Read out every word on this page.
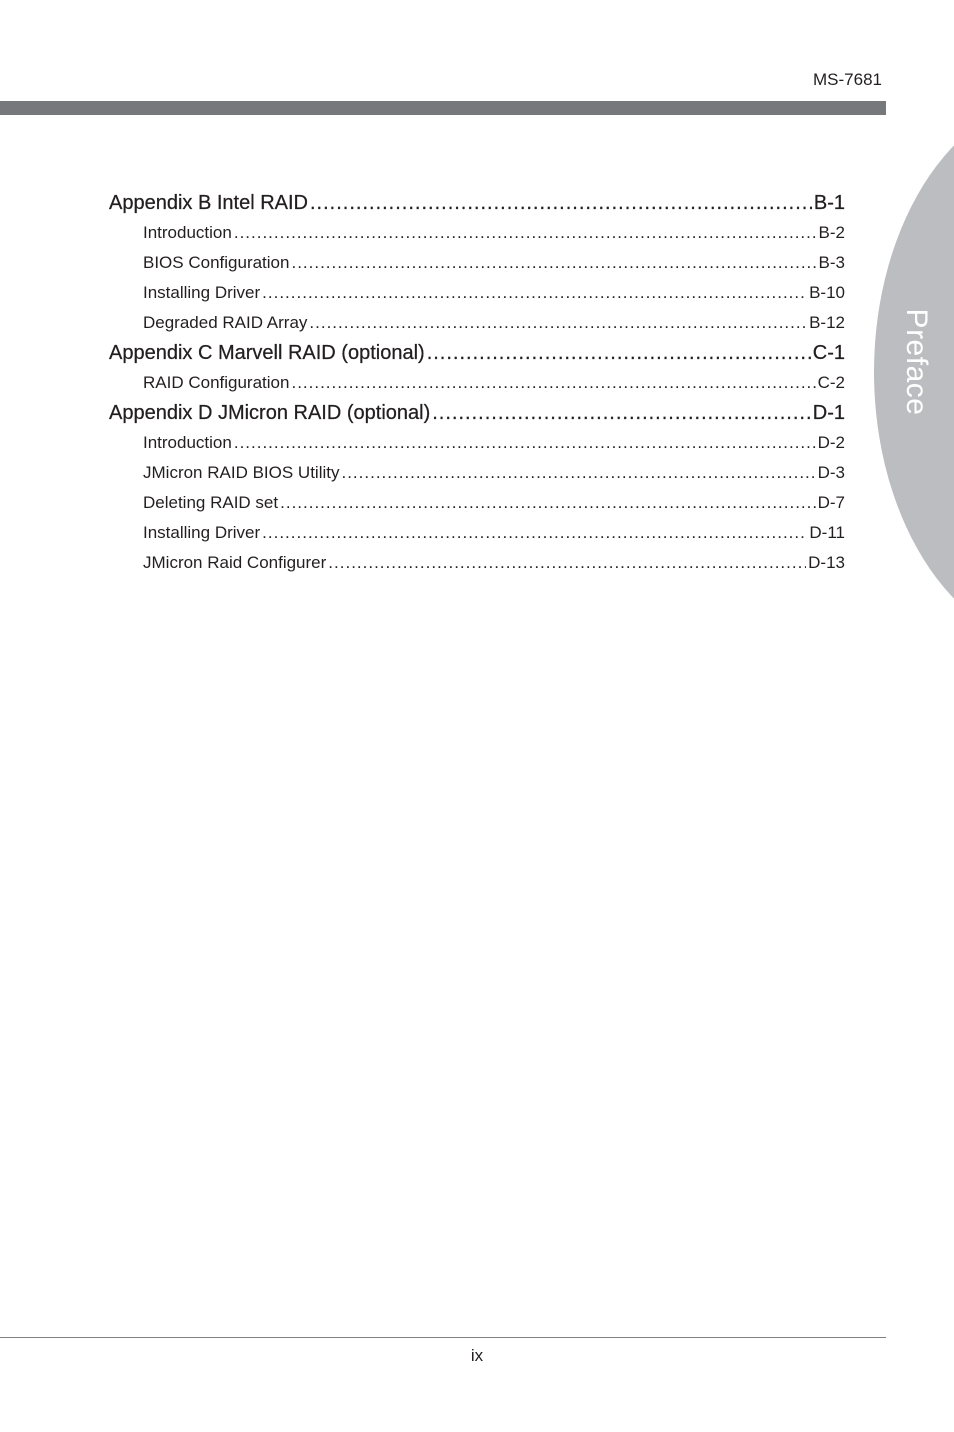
MS-7681
Preface
Appendix B Intel RAID .....	B-1
Introduction .....	B-2
BIOS Configuration .....	B-3
Installing Driver .....	B-10
Degraded RAID Array .....	B-12
Appendix C Marvell RAID (optional) .....	C-1
RAID Configuration .....	C-2
Appendix D JMicron RAID (optional) .....	D-1
Introduction .....	D-2
JMicron RAID BIOS Utility .....	D-3
Deleting RAID set .....	D-7
Installing Driver .....	D-11
JMicron Raid Configurer .....	D-13
ix
